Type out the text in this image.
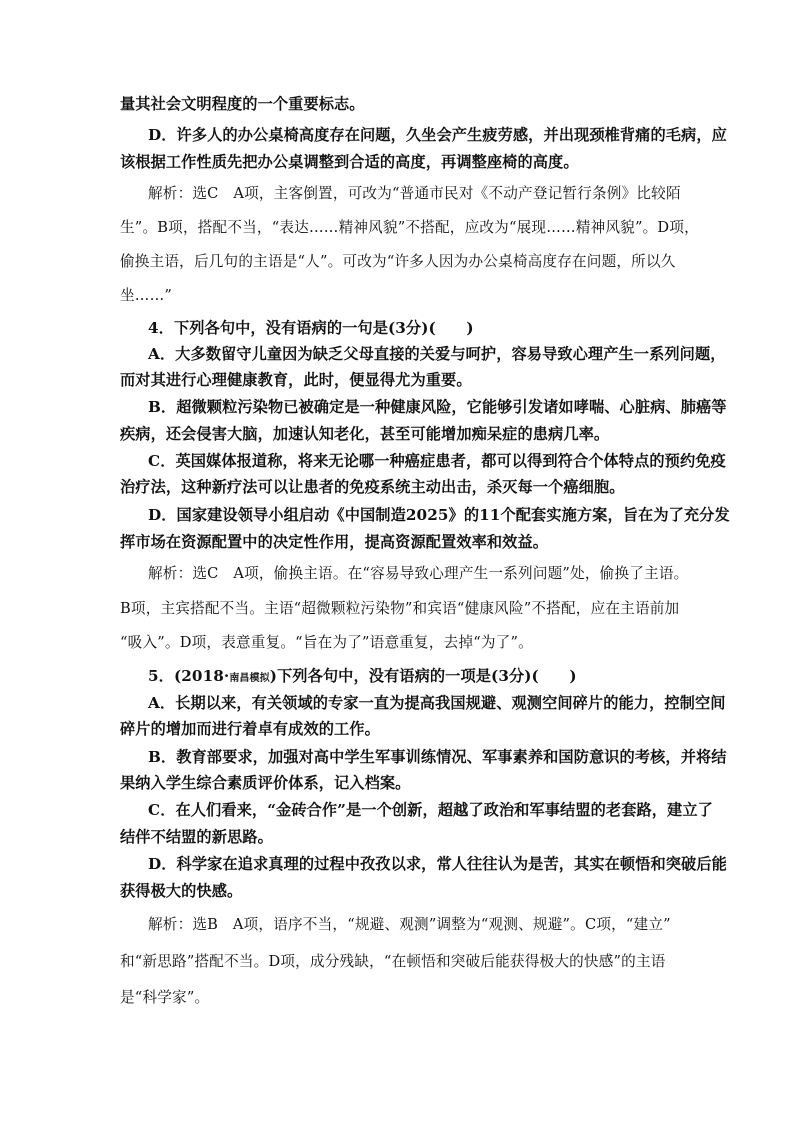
量其社会文明程度的一个重要标志。
D．许多人的办公桌椅高度存在问题，久坐会产生疲劳感，并出现颈椎背痛的毛病，应
该根据工作性质先把办公桌调整到合适的高度，再调整座椅的高度。
解析：选C　A项，主客倒置，可改为“普通市民对《不动产登记暂行条例》比较陌
生”。B项，搭配不当，“表达……精神风貌”不搭配，应改为“展现……精神风貌”。D项，
偷换主语，后几句的主语是“人”。可改为“许多人因为办公桌椅高度存在问题，所以久
坐……”
4．下列各句中，没有语病的一句是(3分)(　　)
A．大多数留守儿童因为缺乏父母直接的关爱与呵护，容易导致心理产生一系列问题，
而对其进行心理健康教育，此时，便显得尤为重要。
B．超微颗粒污染物已被确定是一种健康风险，它能够引发诸如哮喘、心脏病、肺癌等
疾病，还会侵害大脑，加速认知老化，甚至可能增加痴呆症的患病几率。
C．英国媒体报道称，将来无论哪一种癌症患者，都可以得到符合个体特点的预约免疫
治疗法，这种新疗法可以让患者的免疫系统主动出击，杀灭每一个癌细胞。
D．国家建设领导小组启动《中国制造2025》的11个配套实施方案，旨在为了充分发
挥市场在资源配置中的决定性作用，提高资源配置效率和效益。
解析：选C　A项，偷换主语。在“容易导致心理产生一系列问题”处，偷换了主语。
B项，主宾搭配不当。主语“超微颗粒污染物”和宾语“健康风险”不搭配，应在主语前加
“吸入”。D项，表意重复。“旨在为了”语意重复，去掉“为了”。
5．(2018·南昌模拟)下列各句中，没有语病的一项是(3分)(　　)
A．长期以来，有关领域的专家一直为提高我国规避、观测空间碎片的能力，控制空间
碎片的增加而进行着卓有成效的工作。
B．教育部要求，加强对高中学生军事训练情况、军事素养和国防意识的考核，并将结
果纳入学生综合素质评价体系，记入档案。
C．在人们看来，“金砖合作”是一个创新，超越了政治和军事结盟的老套路，建立了
结伴不结盟的新思路。
D．科学家在追求真理的过程中孜孜以求，常人往往认为是苦，其实在顿悟和突破后能
获得极大的快感。
解析：选B　A项，语序不当，“规避、观测”调整为“观测、规避”。C项，“建立”
和“新思路”搭配不当。D项，成分残缺，“在顿悟和突破后能获得极大的快感”的主语
是“科学家”。
